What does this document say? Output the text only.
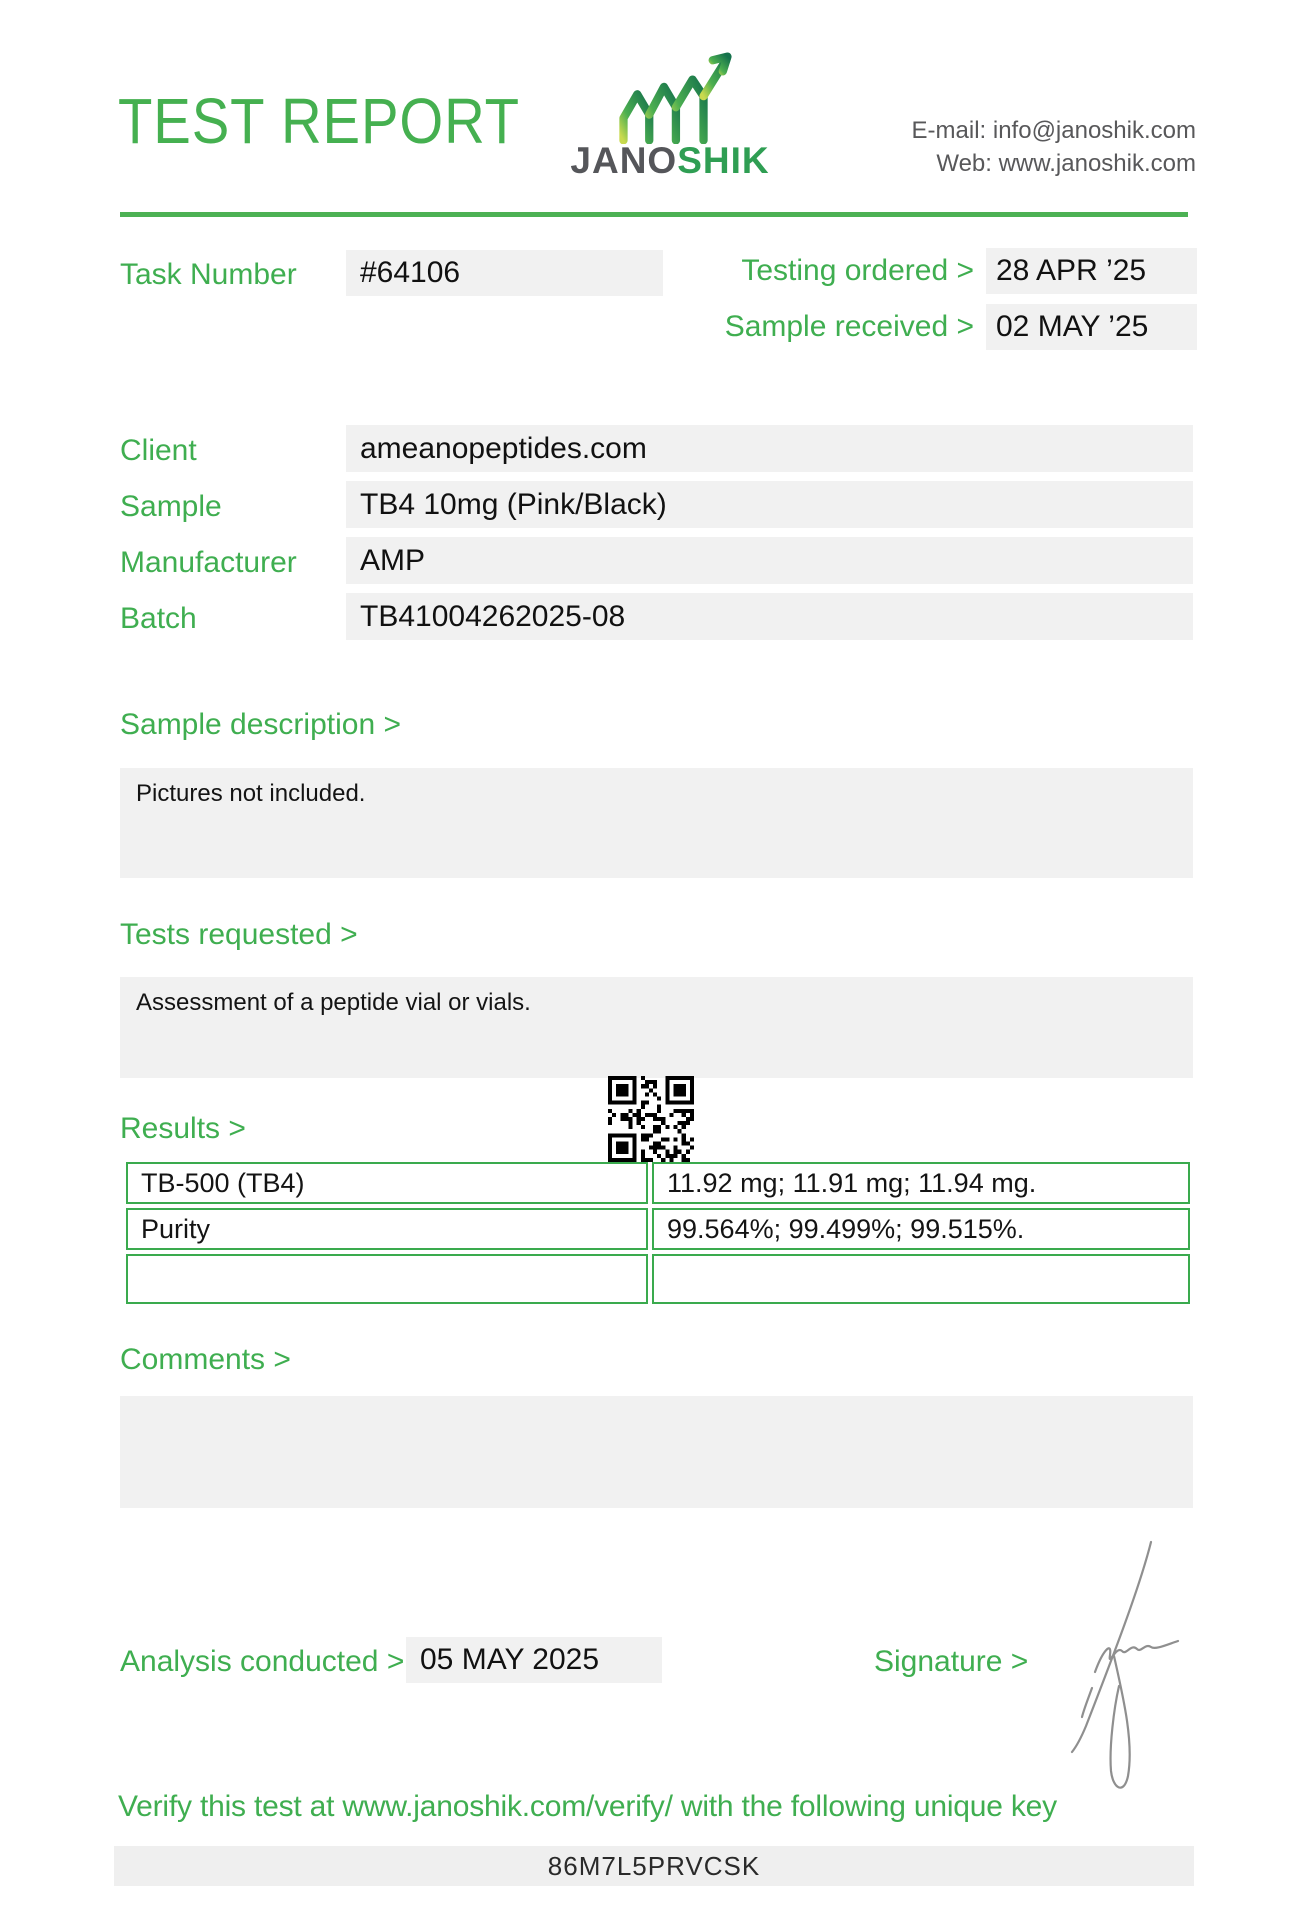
TEST REPORT
JANOSHIK
E-mail: info@janoshik.com
Web: www.janoshik.com
Task Number	#64106	Testing ordered > 28 APR ’25
Sample received > 02 MAY ’25
Client	ameanopeptides.com
Sample	TB4 10mg (Pink/Black)
Manufacturer	AMP
Batch	TB41004262025-08
Sample description >
Pictures not included.
Tests requested >
Assessment of a peptide vial or vials.
Results >
TB-500 (TB4)	11.92 mg; 11.91 mg; 11.94 mg.
Purity	99.564%; 99.499%; 99.515%.

Comments >
Analysis conducted > 05 MAY 2025	Signature >
Verify this test at www.janoshik.com/verify/ with the following unique key
86M7L5PRVCSK
